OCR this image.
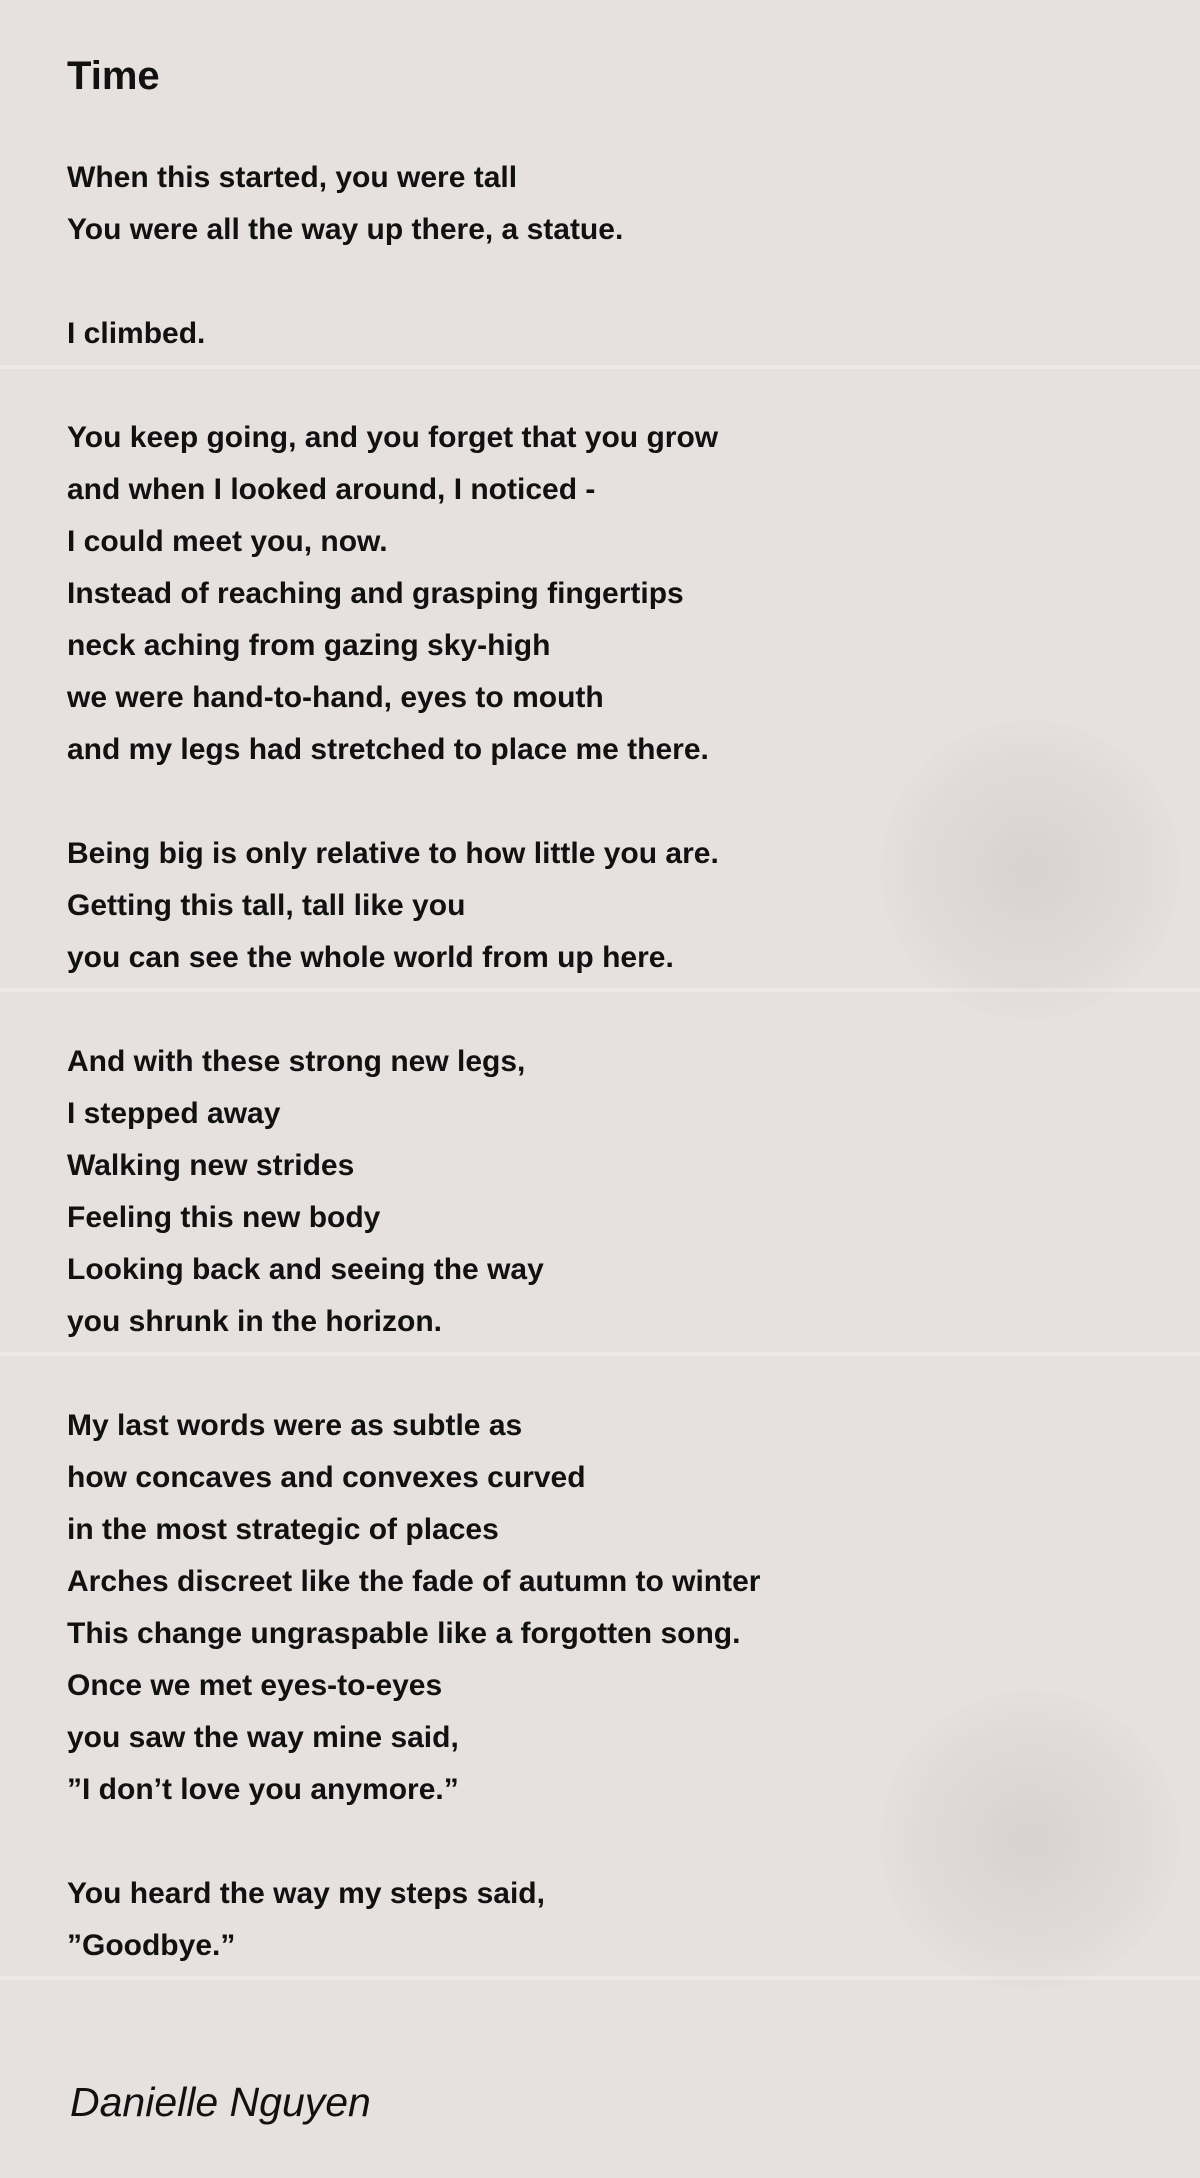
Time
When this started, you were tall
You were all the way up there, a statue.
I climbed.
You keep going, and you forget that you grow
and when I looked around, I noticed -
I could meet you, now.
Instead of reaching and grasping fingertips
neck aching from gazing sky-high
we were hand-to-hand, eyes to mouth
and my legs had stretched to place me there.
Being big is only relative to how little you are.
Getting this tall, tall like you
you can see the whole world from up here.
And with these strong new legs,
I stepped away
Walking new strides
Feeling this new body
Looking back and seeing the way
you shrunk in the horizon.
My last words were as subtle as
how concaves and convexes curved
in the most strategic of places
Arches discreet like the fade of autumn to winter
This change ungraspable like a forgotten song.
Once we met eyes-to-eyes
you saw the way mine said,
”I don’t love you anymore.”
You heard the way my steps said,
”Goodbye.”
Danielle Nguyen
